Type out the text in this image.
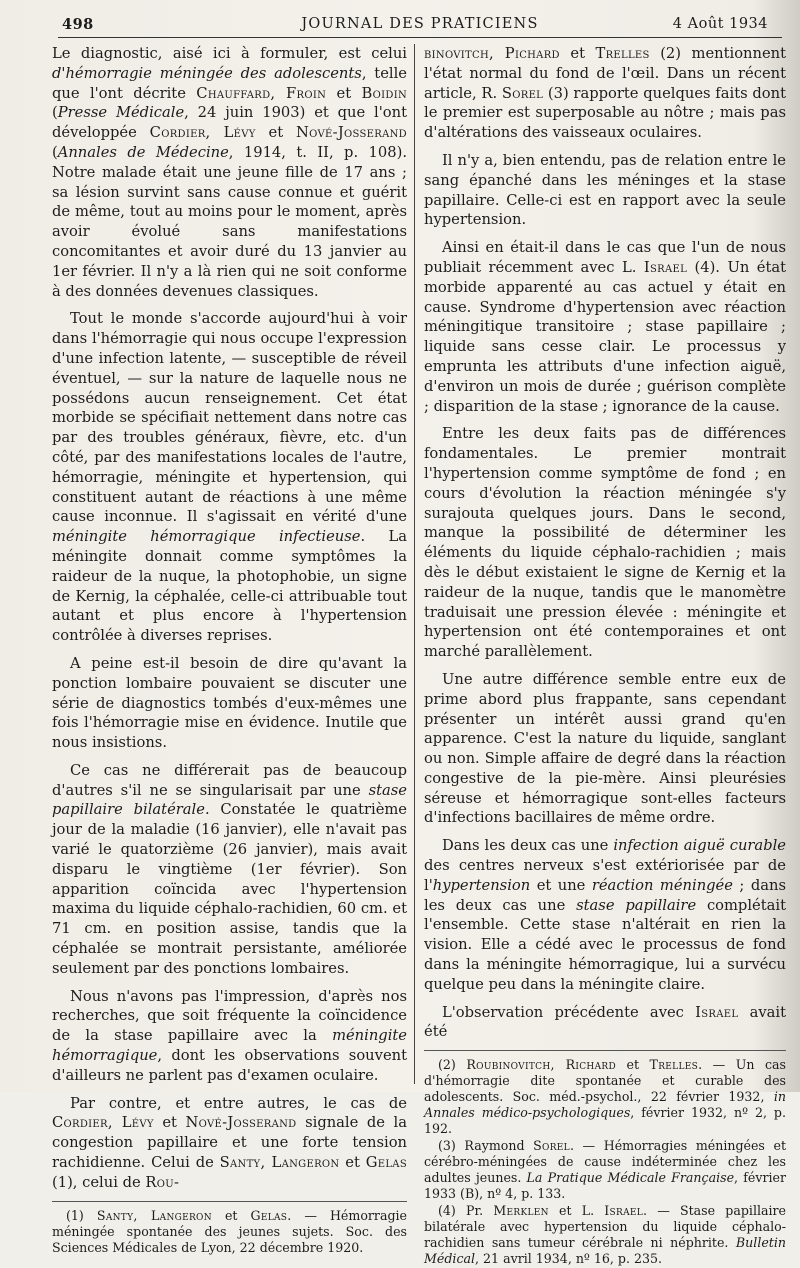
498	JOURNAL DES PRATICIENS	4 Août 1934

Le diagnostic, aisé ici à formuler, est celui d'hémorragie méningée des adolescents, telle que l'ont décrite Chauffard, Froin et Boidin (Presse Médicale, 24 juin 1903) et que l'ont développée Cordier, Lévy et Nové-Josserand (Annales de Médecine, 1914, t. II, p. 108). Notre malade était une jeune fille de 17 ans ; sa lésion survint sans cause connue et guérit de même, tout au moins pour le moment, après avoir évolué sans manifestations concomitantes et avoir duré du 13 janvier au 1er février. Il n'y a là rien qui ne soit conforme à des données devenues classiques.

Tout le monde s'accorde aujourd'hui à voir dans l'hémorragie qui nous occupe l'expression d'une infection latente, — susceptible de réveil éventuel, — sur la nature de laquelle nous ne possédons aucun renseignement. Cet état morbide se spécifiait nettement dans notre cas par des troubles généraux, fièvre, etc. d'un côté, par des manifestations locales de l'autre, hémorragie, méningite et hypertension, qui constituent autant de réactions à une même cause inconnue. Il s'agissait en vérité d'une méningite hémorragique infectieuse. La méningite donnait comme symptômes la raideur de la nuque, la photophobie, un signe de Kernig, la céphalée, celle-ci attribuable tout autant et plus encore à l'hypertension contrôlée à diverses reprises.

A peine est-il besoin de dire qu'avant la ponction lombaire pouvaient se discuter une série de diagnostics tombés d'eux-mêmes une fois l'hémorragie mise en évidence. Inutile que nous insistions.

Ce cas ne différerait pas de beaucoup d'autres s'il ne se singularisait par une stase papillaire bilatérale. Constatée le quatrième jour de la maladie (16 janvier), elle n'avait pas varié le quatorzième (26 janvier), mais avait disparu le vingtième (1er février). Son apparition coïncida avec l'hypertension maxima du liquide céphalo-rachidien, 60 cm. et 71 cm. en position assise, tandis que la céphalée se montrait persistante, améliorée seulement par des ponctions lombaires.

Nous n'avons pas l'impression, d'après nos recherches, que soit fréquente la coïncidence de la stase papillaire avec la méningite hémorragique, dont les observations souvent d'ailleurs ne parlent pas d'examen oculaire.

Par contre, et entre autres, le cas de Cordier, Lévy et Nové-Josserand signale de la congestion papillaire et une forte tension rachidienne. Celui de Santy, Langeron et Gelas (1), celui de Rou-

(1) Santy, Langeron et Gelas. — Hémorragie méningée spontanée des jeunes sujets. Soc. des Sciences Médicales de Lyon, 22 décembre 1920.

binovitch, Pichard et Trelles (2) mentionnent l'état normal du fond de l'œil. Dans un récent article, R. Sorel (3) rapporte quelques faits dont le premier est superposable au nôtre ; mais pas d'altérations des vaisseaux oculaires.

Il n'y a, bien entendu, pas de relation entre le sang épanché dans les méninges et la stase papillaire. Celle-ci est en rapport avec la seule hypertension.

Ainsi en était-il dans le cas que l'un de nous publiait récemment avec L. Israel (4). Un état morbide apparenté au cas actuel y était en cause. Syndrome d'hypertension avec réaction méningitique transitoire ; stase papillaire ; liquide sans cesse clair. Le processus y emprunta les attributs d'une infection aiguë, d'environ un mois de durée ; guérison complète ; disparition de la stase ; ignorance de la cause.

Entre les deux faits pas de différences fondamentales. Le premier montrait l'hypertension comme symptôme de fond ; en cours d'évolution la réaction méningée s'y surajouta quelques jours. Dans le second, manque la possibilité de déterminer les éléments du liquide céphalo-rachidien ; mais dès le début existaient le signe de Kernig et la raideur de la nuque, tandis que le manomètre traduisait une pression élevée : méningite et hypertension ont été contemporaines et ont marché parallèlement.

Une autre différence semble entre eux de prime abord plus frappante, sans cependant présenter un intérêt aussi grand qu'en apparence. C'est la nature du liquide, sanglant ou non. Simple affaire de degré dans la réaction congestive de la pie-mère. Ainsi pleurésies séreuse et hémorragique sont-elles facteurs d'infections bacillaires de même ordre.

Dans les deux cas une infection aiguë curable des centres nerveux s'est extériorisée par de l'hypertension et une réaction méningée ; dans les deux cas une stase papillaire complétait l'ensemble. Cette stase n'altérait en rien la vision. Elle a cédé avec le processus de fond dans la méningite hémorragique, lui a survécu quelque peu dans la méningite claire.

L'observation précédente avec Israel avait été

(2) Roubinovitch, Richard et Trelles. — Un cas d'hémorragie dite spontanée et curable des adolescents. Soc. méd.-psychol., 22 février 1932, in Annales médico-psychologiques, février 1932, nº 2, p. 192.

(3) Raymond Sorel. — Hémorragies méningées et cérébro-méningées de cause indéterminée chez les adultes jeunes. La Pratique Médicale Française, février 1933 (B), nº 4, p. 133.

(4) Pr. Merklen et L. Israel. — Stase papillaire bilatérale avec hypertension du liquide céphalo-rachidien sans tumeur cérébrale ni néphrite. Bulletin Médical, 21 avril 1934, nº 16, p. 235.
